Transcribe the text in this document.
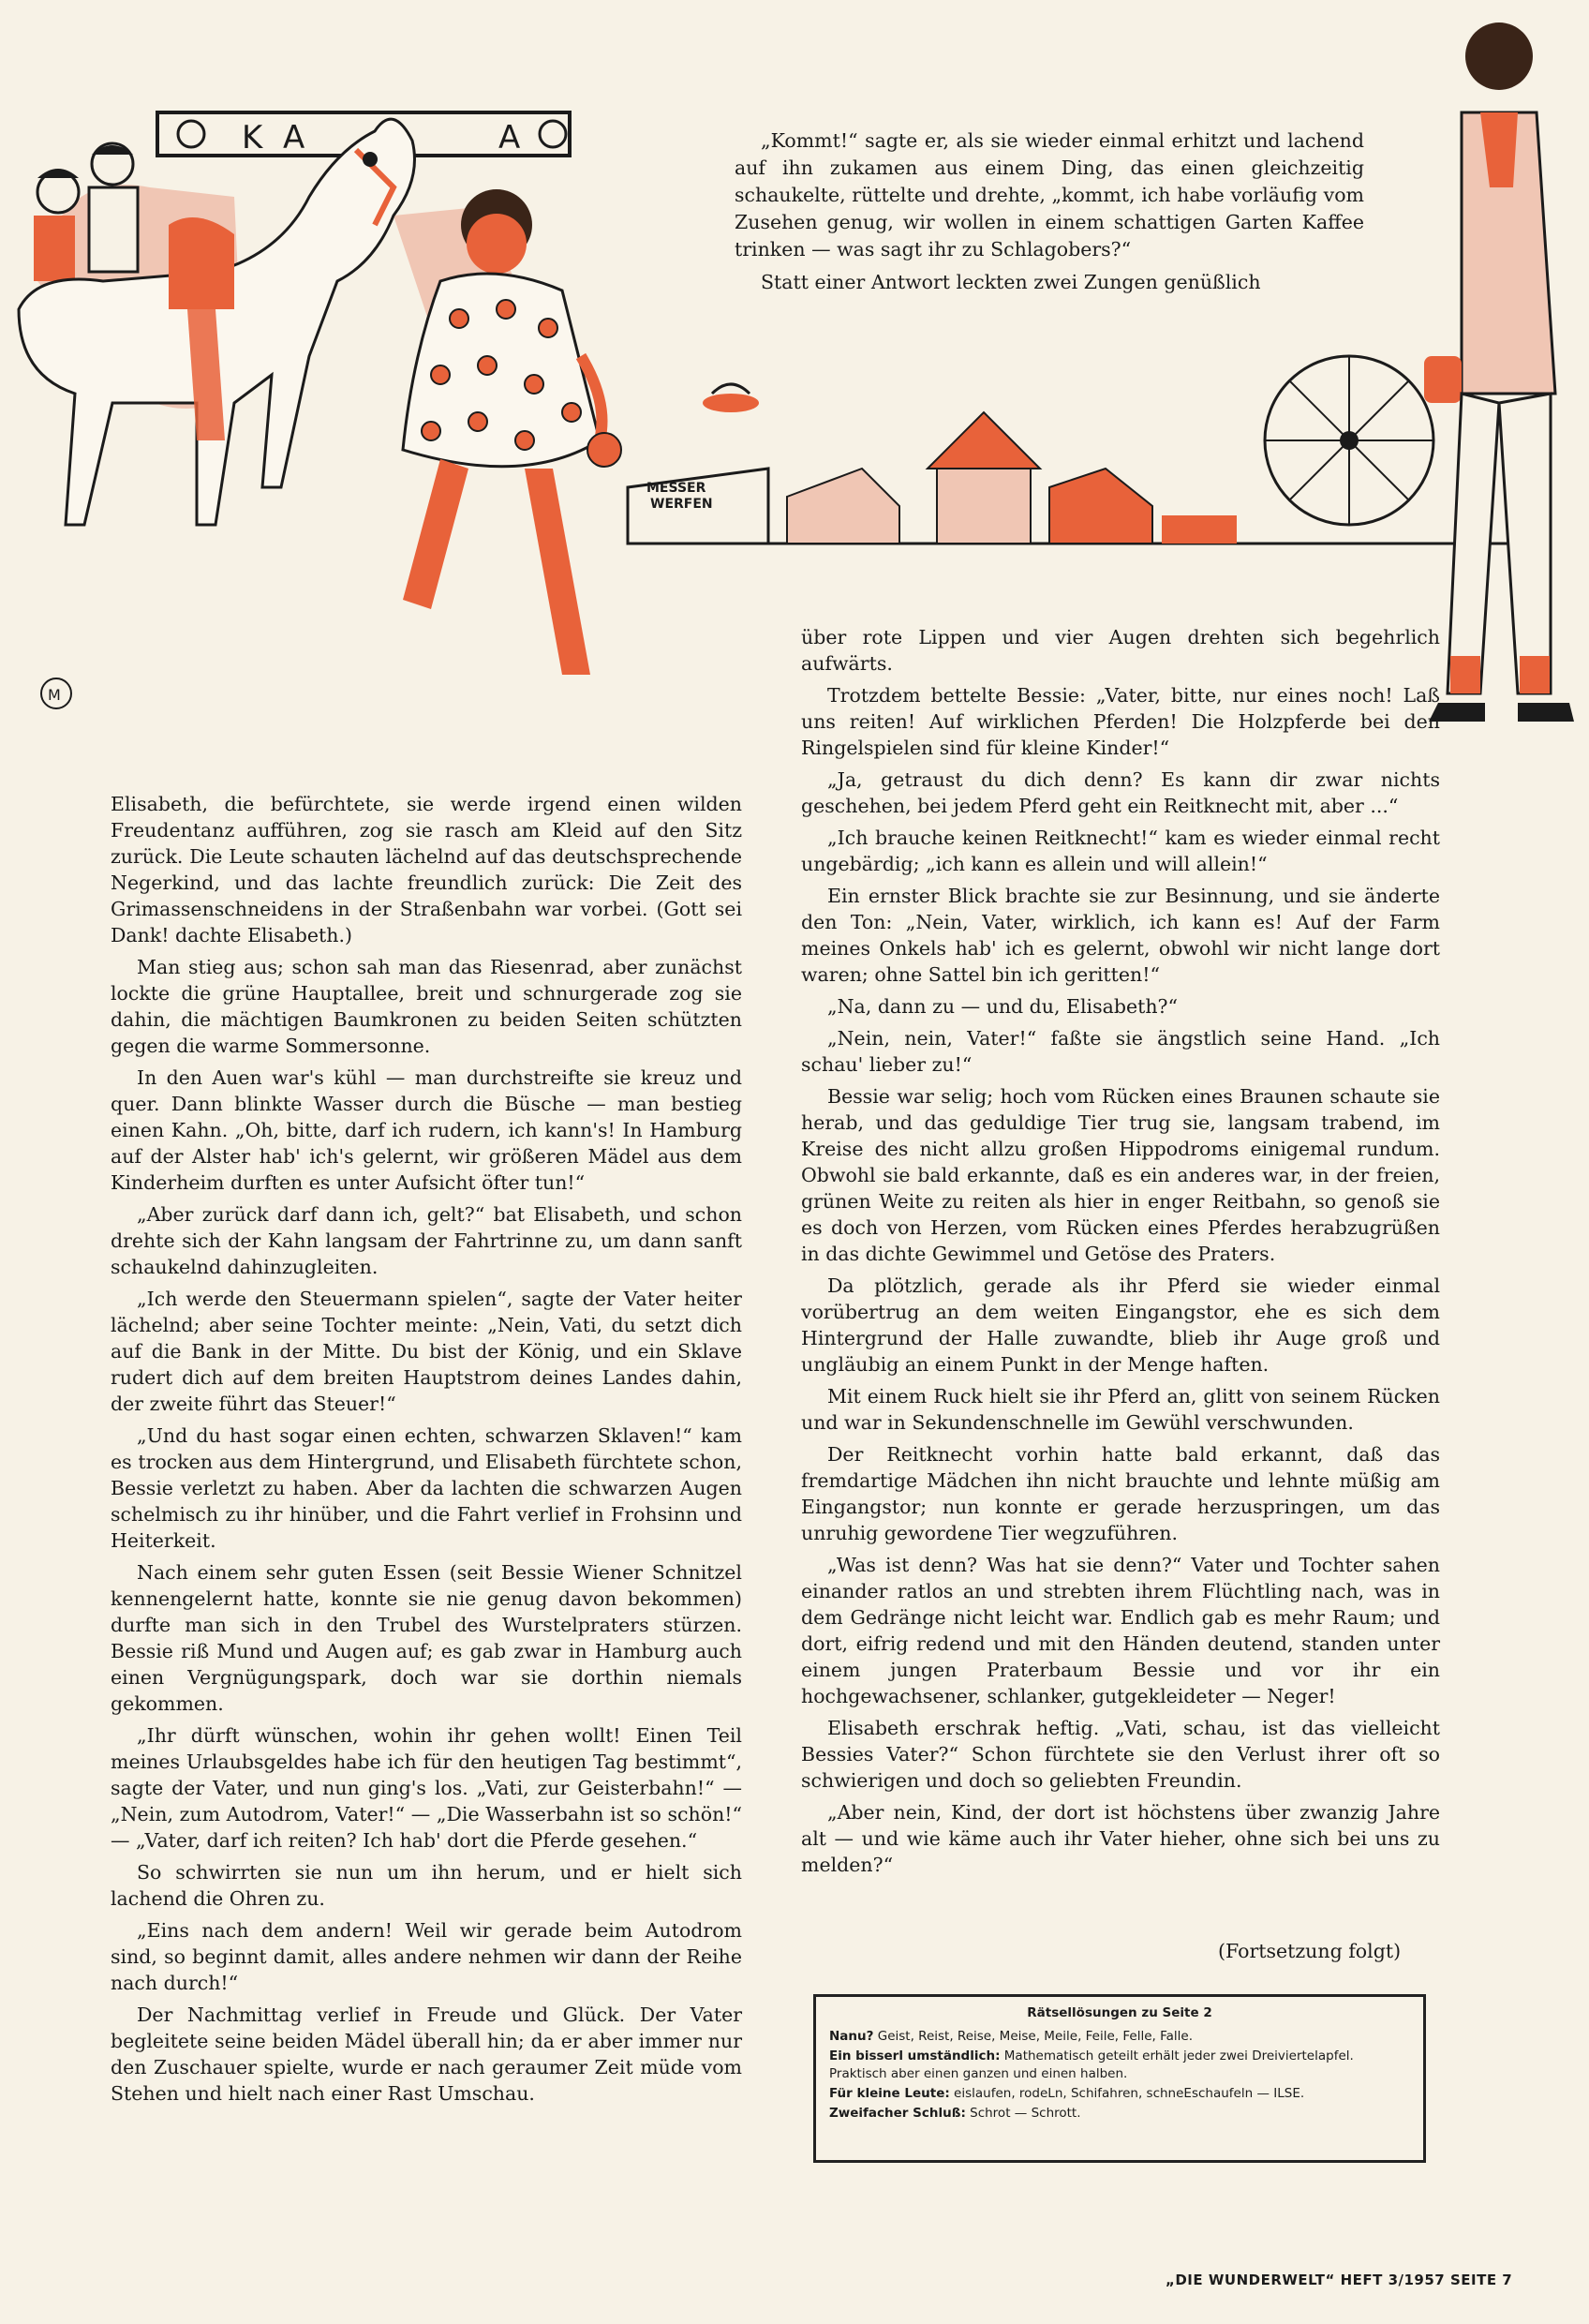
K A	A
MESSER
WERFEN
M

„Kommt!“ sagte er, als sie wieder einmal erhitzt und lachend auf ihn zukamen aus einem Ding, das einen gleichzeitig schaukelte, rüttelte und drehte, „kommt, ich habe vorläufig vom Zusehen genug, wir wollen in einem schattigen Garten Kaffee trinken — was sagt ihr zu Schlagobers?“

Statt einer Antwort leckten zwei Zungen genüßlich

über rote Lippen und vier Augen drehten sich begehrlich aufwärts.

Trotzdem bettelte Bessie: „Vater, bitte, nur eines noch! Laß uns reiten! Auf wirklichen Pferden! Die Holzpferde bei den Ringelspielen sind für kleine Kinder!“

„Ja, getraust du dich denn? Es kann dir zwar nichts geschehen, bei jedem Pferd geht ein Reitknecht mit, aber ...“

„Ich brauche keinen Reitknecht!“ kam es wieder einmal recht ungebärdig; „ich kann es allein und will allein!“

Ein ernster Blick brachte sie zur Besinnung, und sie änderte den Ton: „Nein, Vater, wirklich, ich kann es! Auf der Farm meines Onkels hab' ich es gelernt, obwohl wir nicht lange dort waren; ohne Sattel bin ich geritten!“

„Na, dann zu — und du, Elisabeth?“

„Nein, nein, Vater!“ faßte sie ängstlich seine Hand. „Ich schau' lieber zu!“

Bessie war selig; hoch vom Rücken eines Braunen schaute sie herab, und das geduldige Tier trug sie, langsam trabend, im Kreise des nicht allzu großen Hippodroms einigemal rundum. Obwohl sie bald erkannte, daß es ein anderes war, in der freien, grünen Weite zu reiten als hier in enger Reitbahn, so genoß sie es doch von Herzen, vom Rücken eines Pferdes herabzugrüßen in das dichte Gewimmel und Getöse des Praters.

Da plötzlich, gerade als ihr Pferd sie wieder einmal vorübertrug an dem weiten Eingangstor, ehe es sich dem Hintergrund der Halle zuwandte, blieb ihr Auge groß und ungläubig an einem Punkt in der Menge haften.

Mit einem Ruck hielt sie ihr Pferd an, glitt von seinem Rücken und war in Sekundenschnelle im Gewühl verschwunden.

Der Reitknecht vorhin hatte bald erkannt, daß das fremdartige Mädchen ihn nicht brauchte und lehnte müßig am Eingangstor; nun konnte er gerade herzuspringen, um das unruhig gewordene Tier wegzuführen.

„Was ist denn? Was hat sie denn?“ Vater und Tochter sahen einander ratlos an und strebten ihrem Flüchtling nach, was in dem Gedränge nicht leicht war. Endlich gab es mehr Raum; und dort, eifrig redend und mit den Händen deutend, standen unter einem jungen Praterbaum Bessie und vor ihr ein hochgewachsener, schlanker, gutgekleideter — Neger!

Elisabeth erschrak heftig. „Vati, schau, ist das vielleicht Bessies Vater?“ Schon fürchtete sie den Verlust ihrer oft so schwierigen und doch so geliebten Freundin.

„Aber nein, Kind, der dort ist höchstens über zwanzig Jahre alt — und wie käme auch ihr Vater hieher, ohne sich bei uns zu melden?“

(Fortsetzung folgt)

Elisabeth, die befürchtete, sie werde irgend einen wilden Freudentanz aufführen, zog sie rasch am Kleid auf den Sitz zurück. Die Leute schauten lächelnd auf das deutschsprechende Negerkind, und das lachte freundlich zurück: Die Zeit des Grimassenschneidens in der Straßenbahn war vorbei. (Gott sei Dank! dachte Elisabeth.)

Man stieg aus; schon sah man das Riesenrad, aber zunächst lockte die grüne Hauptallee, breit und schnurgerade zog sie dahin, die mächtigen Baumkronen zu beiden Seiten schützten gegen die warme Sommersonne.

In den Auen war's kühl — man durchstreifte sie kreuz und quer. Dann blinkte Wasser durch die Büsche — man bestieg einen Kahn. „Oh, bitte, darf ich rudern, ich kann's! In Hamburg auf der Alster hab' ich's gelernt, wir größeren Mädel aus dem Kinderheim durften es unter Aufsicht öfter tun!“

„Aber zurück darf dann ich, gelt?“ bat Elisabeth, und schon drehte sich der Kahn langsam der Fahrtrinne zu, um dann sanft schaukelnd dahinzugleiten.

„Ich werde den Steuermann spielen“, sagte der Vater heiter lächelnd; aber seine Tochter meinte: „Nein, Vati, du setzt dich auf die Bank in der Mitte. Du bist der König, und ein Sklave rudert dich auf dem breiten Hauptstrom deines Landes dahin, der zweite führt das Steuer!“

„Und du hast sogar einen echten, schwarzen Sklaven!“ kam es trocken aus dem Hintergrund, und Elisabeth fürchtete schon, Bessie verletzt zu haben. Aber da lachten die schwarzen Augen schelmisch zu ihr hinüber, und die Fahrt verlief in Frohsinn und Heiterkeit.

Nach einem sehr guten Essen (seit Bessie Wiener Schnitzel kennengelernt hatte, konnte sie nie genug davon bekommen) durfte man sich in den Trubel des Wurstelpraters stürzen. Bessie riß Mund und Augen auf; es gab zwar in Hamburg auch einen Vergnügungspark, doch war sie dorthin niemals gekommen.

„Ihr dürft wünschen, wohin ihr gehen wollt! Einen Teil meines Urlaubsgeldes habe ich für den heutigen Tag bestimmt“, sagte der Vater, und nun ging's los. „Vati, zur Geisterbahn!“ — „Nein, zum Autodrom, Vater!“ — „Die Wasserbahn ist so schön!“ — „Vater, darf ich reiten? Ich hab' dort die Pferde gesehen.“

So schwirrten sie nun um ihn herum, und er hielt sich lachend die Ohren zu.

„Eins nach dem andern! Weil wir gerade beim Autodrom sind, so beginnt damit, alles andere nehmen wir dann der Reihe nach durch!“

Der Nachmittag verlief in Freude und Glück. Der Vater begleitete seine beiden Mädel überall hin; da er aber immer nur den Zuschauer spielte, wurde er nach geraumer Zeit müde vom Stehen und hielt nach einer Rast Umschau.

Rätsellösungen zu Seite 2
Nanu? Geist, Reist, Reise, Meise, Meile, Feile, Felle, Falle.
Ein bisserl umständlich: Mathematisch geteilt erhält jeder zwei Dreiviertelapfel. Praktisch aber einen ganzen und einen halben.
Für kleine Leute: eislaufen, rodeLn, Schifahren, schneEschaufeln — ILSE.
Zweifacher Schluß: Schrot — Schrott.
„DIE WUNDERWELT“ HEFT 3/1957 SEITE 7
